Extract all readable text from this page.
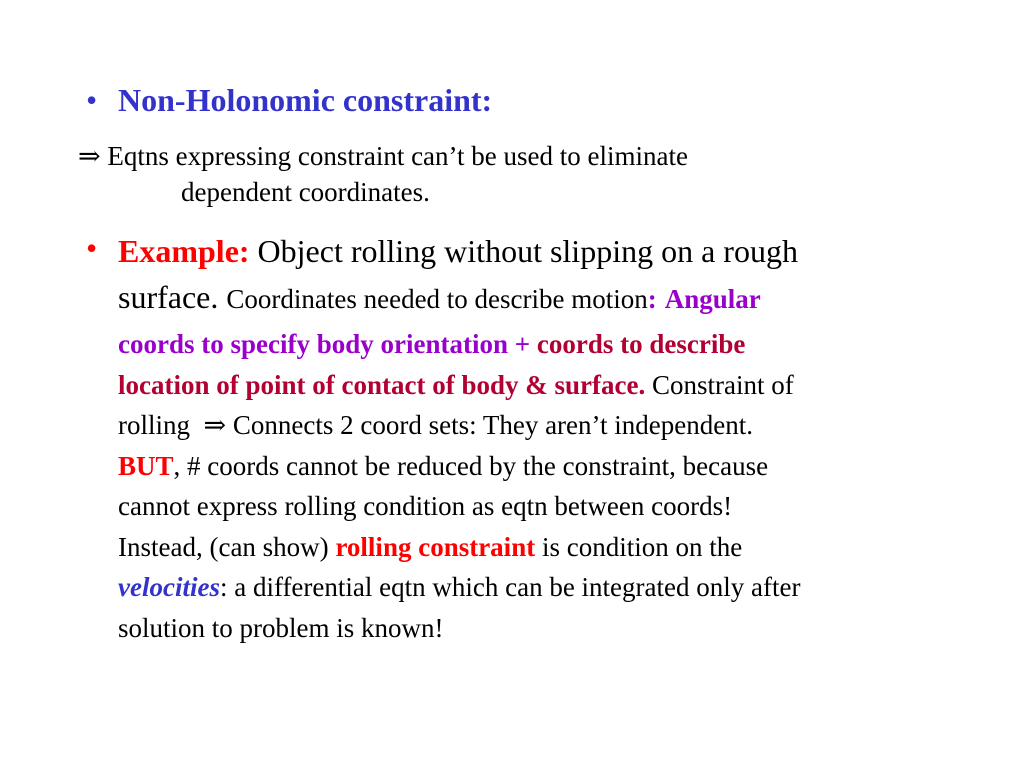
• Non-Holonomic constraint:
⇒ Eqtns expressing constraint can’t be used to eliminate
dependent coordinates.
• Example: Object rolling without slipping on a rough
surface. Coordinates needed to describe motion: Angular
coords to specify body orientation + coords to describe
location of point of contact of body & surface. Constraint of
rolling ⇒ Connects 2 coord sets: They aren’t independent.
BUT, # coords cannot be reduced by the constraint, because
cannot express rolling condition as eqtn between coords!
Instead, (can show) rolling constraint is condition on the
velocities: a differential eqtn which can be integrated only after
solution to problem is known!
